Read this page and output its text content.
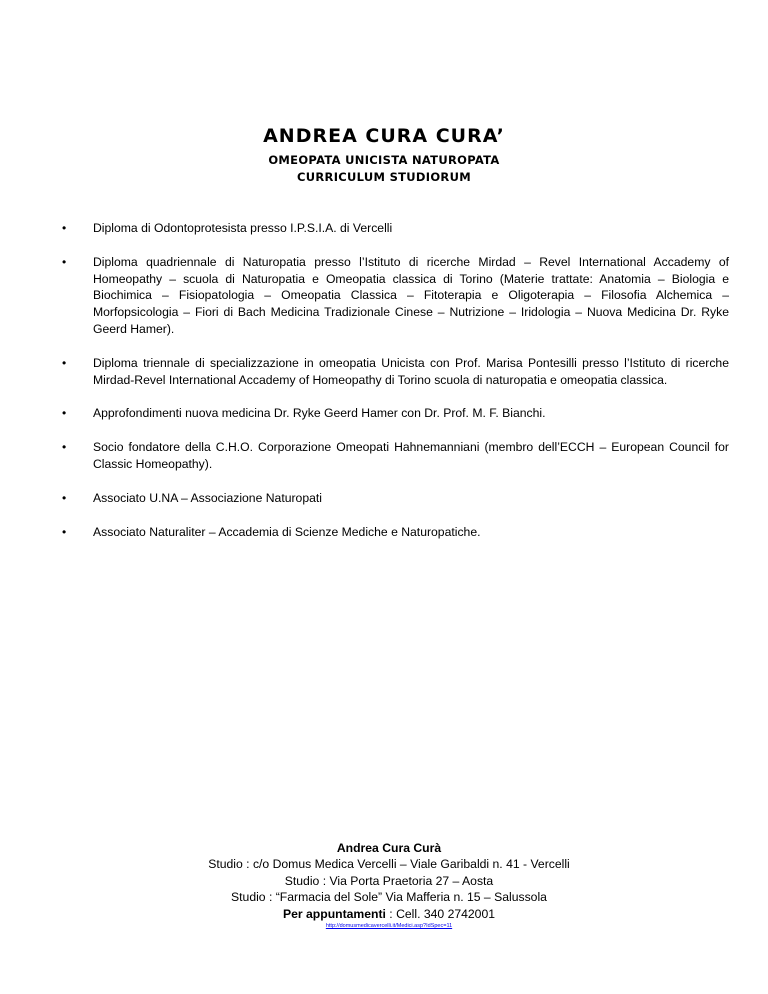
ANDREA CURA CURA’
OMEOPATA UNICISTA NATUROPATA
CURRICULUM STUDIORUM
• Diploma di Odontoprotesista presso I.P.S.I.A. di Vercelli
• Diploma quadriennale di Naturopatia presso l’Istituto di ricerche Mirdad – Revel International Accademy of Homeopathy – scuola di Naturopatia e Omeopatia classica di Torino (Materie trattate: Anatomia – Biologia e Biochimica – Fisiopatologia – Omeopatia Classica – Fitoterapia e Oligoterapia – Filosofia Alchemica – Morfopsicologia – Fiori di Bach Medicina Tradizionale Cinese – Nutrizione – Iridologia – Nuova Medicina Dr. Ryke Geerd Hamer).
• Diploma triennale di specializzazione in omeopatia Unicista con Prof. Marisa Pontesilli presso l’Istituto di ricerche Mirdad-Revel International Accademy of Homeopathy di Torino scuola di naturopatia e omeopatia classica.
• Approfondimenti nuova medicina Dr. Ryke Geerd Hamer con Dr. Prof. M. F. Bianchi.
• Socio fondatore della C.H.O. Corporazione Omeopati Hahnemanniani (membro dell’ECCH – European Council for Classic Homeopathy).
• Associato U.NA – Associazione Naturopati
• Associato Naturaliter – Accademia di Scienze Mediche e Naturopatiche.
Andrea Cura Curà
Studio : c/o Domus Medica Vercelli – Viale Garibaldi n. 41 - Vercelli
Studio : Via Porta Praetoria 27 – Aosta
Studio : “Farmacia del Sole” Via Mafferia n. 15 – Salussola
Per appuntamenti : Cell. 340 2742001
http://domusmedicavercelli.it/Medici.asp?IdSpec=11
